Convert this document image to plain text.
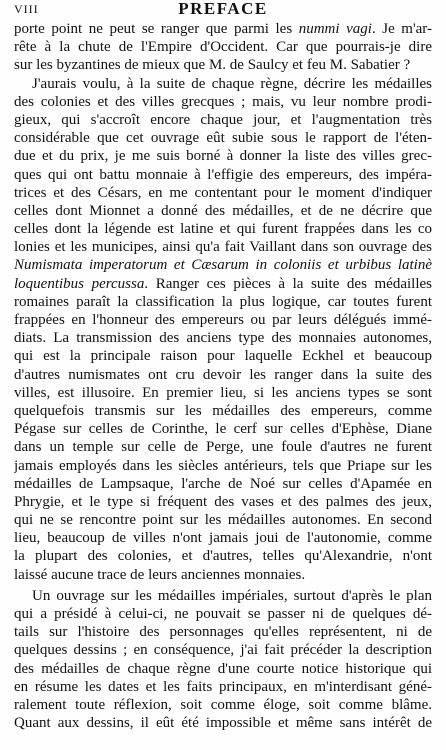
VIII	PREFACE
porte point ne peut se ranger que parmi les nummi vagi. Je m'ar-
rête à la chute de l'Empire d'Occident. Car que pourrais-je dire
sur les byzantines de mieux que M. de Saulcy et feu M. Sabatier ?
J'aurais voulu, à la suite de chaque règne, décrire les médailles
des colonies et des villes grecques ; mais, vu leur nombre prodi-
gieux, qui s'accroît encore chaque jour, et l'augmentation très
considérable que cet ouvrage eût subie sous le rapport de l'éten-
due et du prix, je me suis borné à donner la liste des villes grec-
ques qui ont battu monnaie à l'effigie des empereurs, des impéra-
trices et des Césars, en me contentant pour le moment d'indiquer
celles dont Mionnet a donné des médailles, et de ne décrire que
celles dont la légende est latine et qui furent frappées dans les co
lonies et les municipes, ainsi qu'a fait Vaillant dans son ouvrage des
Numismata imperatorum et Cæsarum in coloniis et urbibus latinè
loquentibus percussa. Ranger ces pièces à la suite des médailles
romaines paraît la classification la plus logique, car toutes furent
frappées en l'honneur des empereurs ou par leurs délégués immé-
diats. La transmission des anciens type des monnaies autonomes,
qui est la principale raison pour laquelle Eckhel et beaucoup
d'autres numismates ont cru devoir les ranger dans la suite des
villes, est illusoire. En premier lieu, si les anciens types se sont
quelquefois transmis sur les médailles des empereurs, comme
Pégase sur celles de Corinthe, le cerf sur celles d'Ephèse, Diane
dans un temple sur celle de Perge, une foule d'autres ne furent
jamais employés dans les siècles antérieurs, tels que Priape sur les
médailles de Lampsaque, l'arche de Noé sur celles d'Apamée en
Phrygie, et le type si fréquent des vases et des palmes des jeux,
qui ne se rencontre point sur les médailles autonomes. En second
lieu, beaucoup de villes n'ont jamais joui de l'autonomie, comme
la plupart des colonies, et d'autres, telles qu'Alexandrie, n'ont
laissé aucune trace de leurs anciennes monnaies.
Un ouvrage sur les médailles impériales, surtout d'après le plan
qui a présidé à celui-ci, ne pouvait se passer ni de quelques dé-
tails sur l'histoire des personnages qu'elles représentent, ni de
quelques dessins ; en conséquence, j'ai fait précéder la description
des médailles de chaque règne d'une courte notice historique qui
en résume les dates et les faits principaux, en m'interdisant géné-
ralement toute réflexion, soit comme éloge, soit comme blâme.
Quant aux dessins, il eût été impossible et même sans intérêt de
